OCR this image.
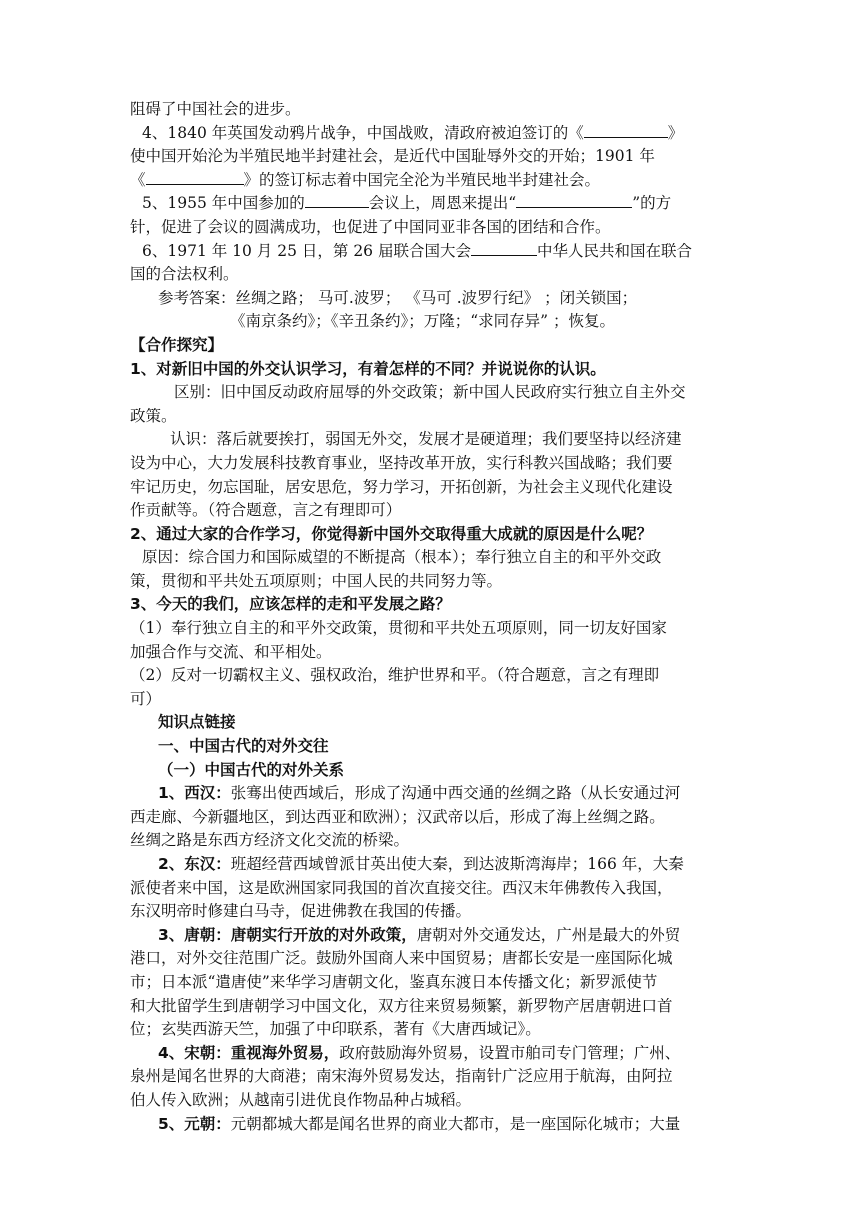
阻碍了中国社会的进步。
4、1840 年英国发动鸦片战争，中国战败，清政府被迫签订的《	》
使中国开始沦为半殖民地半封建社会，是近代中国耻辱外交的开始；1901 年
《	》的签订标志着中国完全沦为半殖民地半封建社会。
5、1955 年中国参加的	会议上，周恩来提出“	”的方
针，促进了会议的圆满成功，也促进了中国同亚非各国的团结和合作。
6、1971 年 10 月 25 日，第 26 届联合国大会	中华人民共和国在联合
国的合法权利。
参考答案：丝绸之路； 马可.波罗； 《马可 .波罗行纪》 ；闭关锁国；
《南京条约》；《辛丑条约》；万隆；“求同存异” ；恢复。
【合作探究】
1、对新旧中国的外交认识学习，有着怎样的不同？并说说你的认识。
区别：旧中国反动政府屈辱的外交政策；新中国人民政府实行独立自主外交
政策。
认识：落后就要挨打，弱国无外交，发展才是硬道理；我们要坚持以经济建
设为中心，大力发展科技教育事业，坚持改革开放，实行科教兴国战略；我们要
牢记历史，勿忘国耻，居安思危，努力学习，开拓创新，为社会主义现代化建设
作贡献等。（符合题意，言之有理即可）
2、通过大家的合作学习，你觉得新中国外交取得重大成就的原因是什么呢？
原因：综合国力和国际威望的不断提高（根本）；奉行独立自主的和平外交政
策，贯彻和平共处五项原则；中国人民的共同努力等。
3、今天的我们，应该怎样的走和平发展之路？
（1）奉行独立自主的和平外交政策，贯彻和平共处五项原则，同一切友好国家
加强合作与交流、和平相处。
（2）反对一切霸权主义、强权政治，维护世界和平。（符合题意，言之有理即
可）
知识点链接
一、中国古代的对外交往
（一）中国古代的对外关系
1、西汉：张骞出使西域后，形成了沟通中西交通的丝绸之路（从长安通过河
西走廊、今新疆地区，到达西亚和欧洲）；汉武帝以后，形成了海上丝绸之路。
丝绸之路是东西方经济文化交流的桥梁。
2、东汉：班超经营西域曾派甘英出使大秦，到达波斯湾海岸；166 年，大秦
派使者来中国，这是欧洲国家同我国的首次直接交往。西汉末年佛教传入我国，
东汉明帝时修建白马寺，促进佛教在我国的传播。
3、唐朝：唐朝实行开放的对外政策，唐朝对外交通发达，广州是最大的外贸
港口，对外交往范围广泛。鼓励外国商人来中国贸易；唐都长安是一座国际化城
市；日本派“遣唐使”来华学习唐朝文化，鉴真东渡日本传播文化；新罗派使节
和大批留学生到唐朝学习中国文化，双方往来贸易频繁，新罗物产居唐朝进口首
位；玄奘西游天竺，加强了中印联系，著有《大唐西域记》。
4、宋朝：重视海外贸易，政府鼓励海外贸易，设置市舶司专门管理；广州、
泉州是闻名世界的大商港；南宋海外贸易发达，指南针广泛应用于航海，由阿拉
伯人传入欧洲；从越南引进优良作物品种占城稻。
5、元朝：元朝都城大都是闻名世界的商业大都市，是一座国际化城市；大量
